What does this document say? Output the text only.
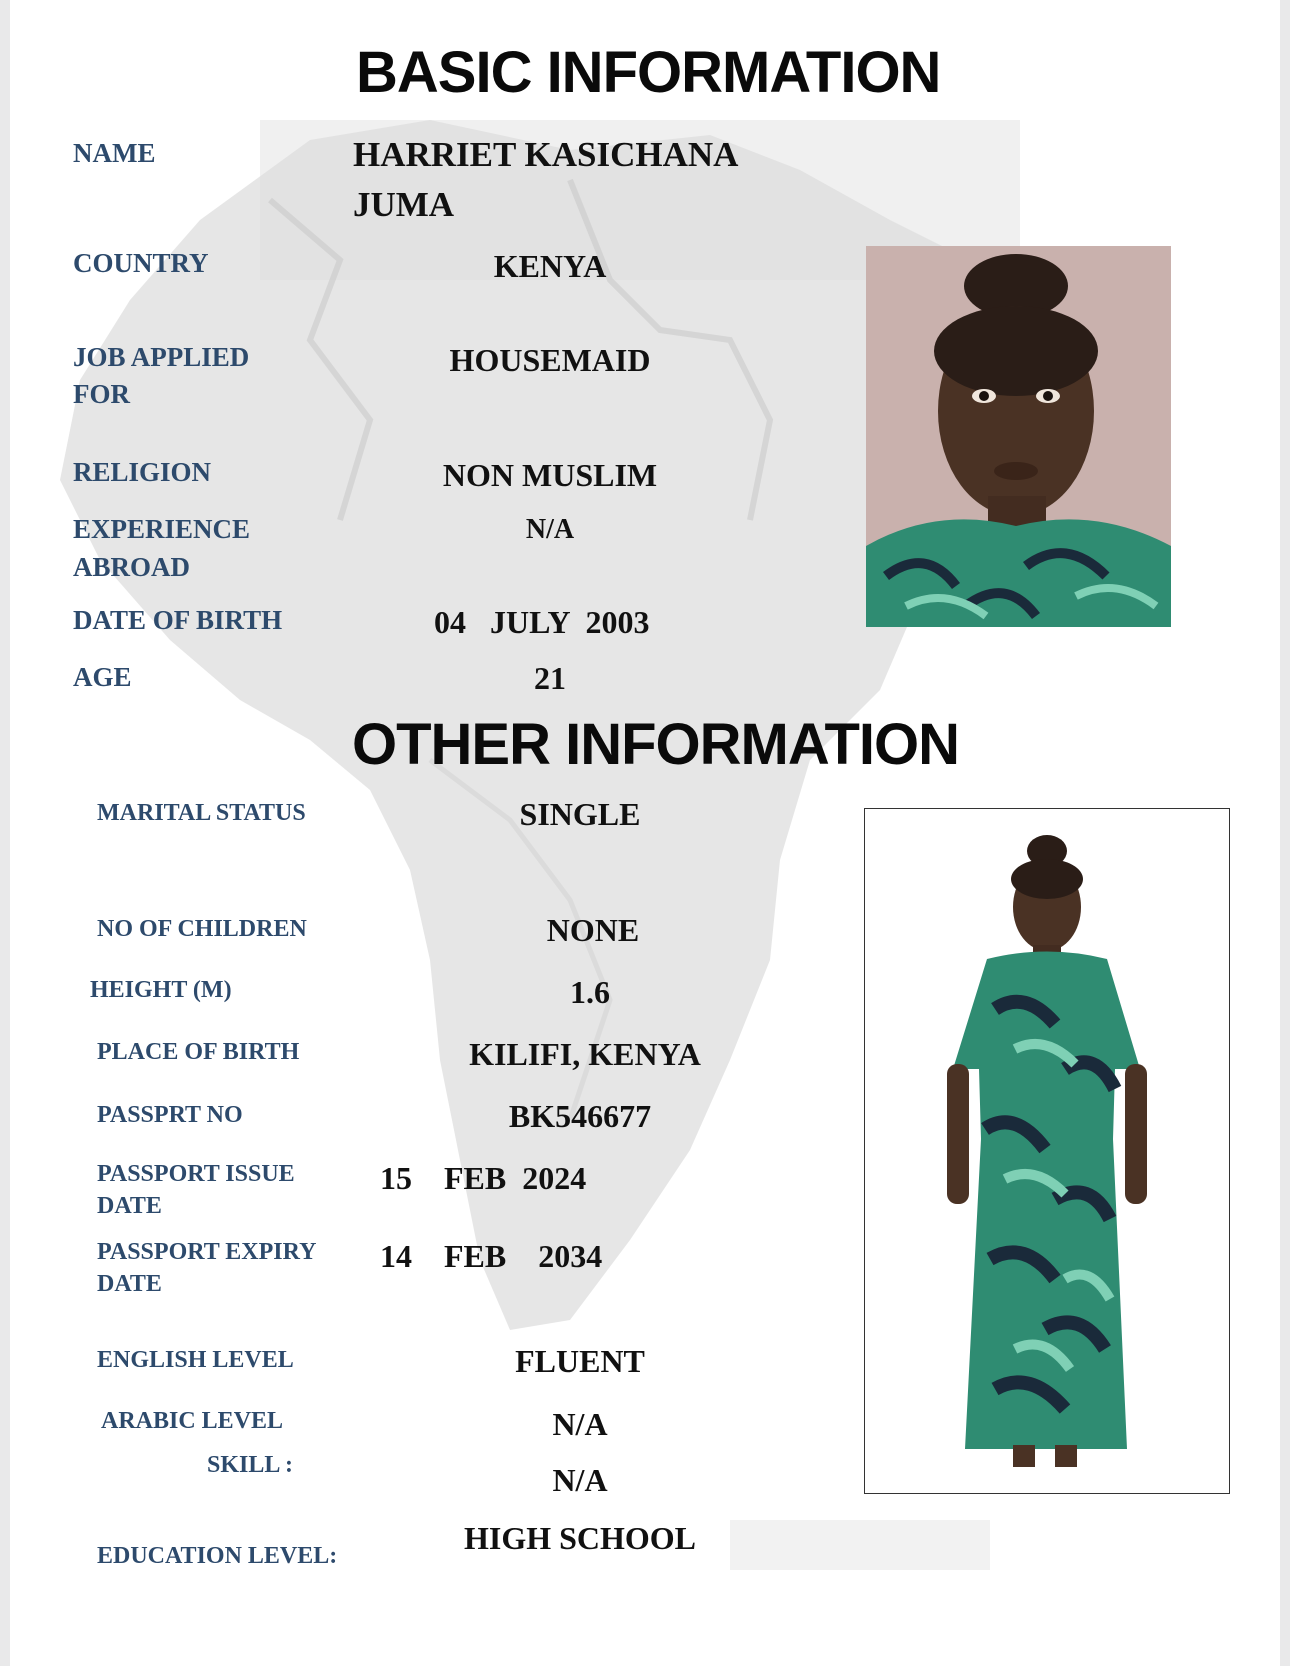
BASIC INFORMATION
OTHER INFORMATION
NAME
COUNTRY
JOB APPLIED
FOR
RELIGION
EXPERIENCE
ABROAD
DATE OF BIRTH
AGE
HARRIET KASICHANA
JUMA
KENYA
HOUSEMAID
NON MUSLIM
N/A
04   JULY  2003
21
MARITAL STATUS
NO OF CHILDREN
HEIGHT (M)
PLACE OF BIRTH
PASSPRT NO
PASSPORT ISSUE
DATE
PASSPORT EXPIRY
DATE
ENGLISH LEVEL
ARABIC LEVEL
SKILL :
EDUCATION LEVEL:
SINGLE
NONE
1.6
KILIFI, KENYA
BK546677
15    FEB  2024
14    FEB    2034
FLUENT
N/A
N/A
HIGH SCHOOL
